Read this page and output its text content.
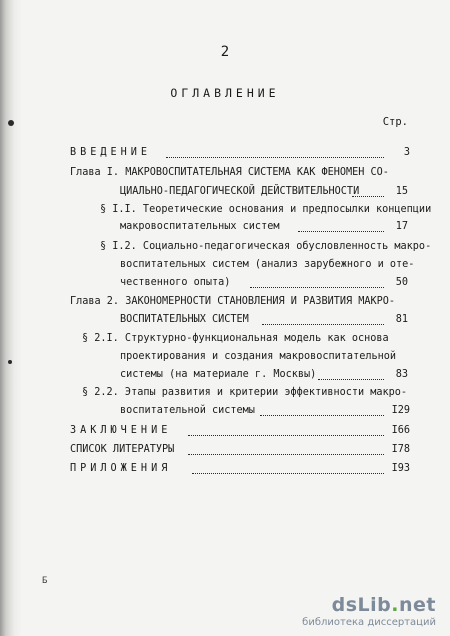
2
ОГЛАВЛЕНИЕ
Стр.
ВВЕДЕНИЕ	3
Глава I. МАКРОВОСПИТАТЕЛЬНАЯ СИСТЕМА КАК ФЕНОМЕН СО-
ЦИАЛЬНО-ПЕДАГОГИЧЕСКОЙ ДЕЙСТВИТЕЛЬНОСТИ	15
§ I.I. Теоретические основания и предпосылки концепции
макровоспитательных систем	17
§ I.2. Социально-педагогическая обусловленность макро-
воспитательных систем (анализ зарубежного и оте-
чественного опыта)	50
Глава 2. ЗАКОНОМЕРНОСТИ СТАНОВЛЕНИЯ И РАЗВИТИЯ МАКРО-
ВОСПИТАТЕЛЬНЫХ СИСТЕМ	81
§ 2.I. Структурно-функциональная модель как основа
проектирования и создания макровоспитательной
системы (на материале г. Москвы)	83
§ 2.2. Этапы развития и критерии эффективности макро-
воспитательной системы	I29
ЗАКЛЮЧЕНИЕ	I66
СПИСОК ЛИТЕРАТУРЫ	I78
ПРИЛОЖЕНИЯ	I93
Б
dsLib.net
библиотека диссертаций
